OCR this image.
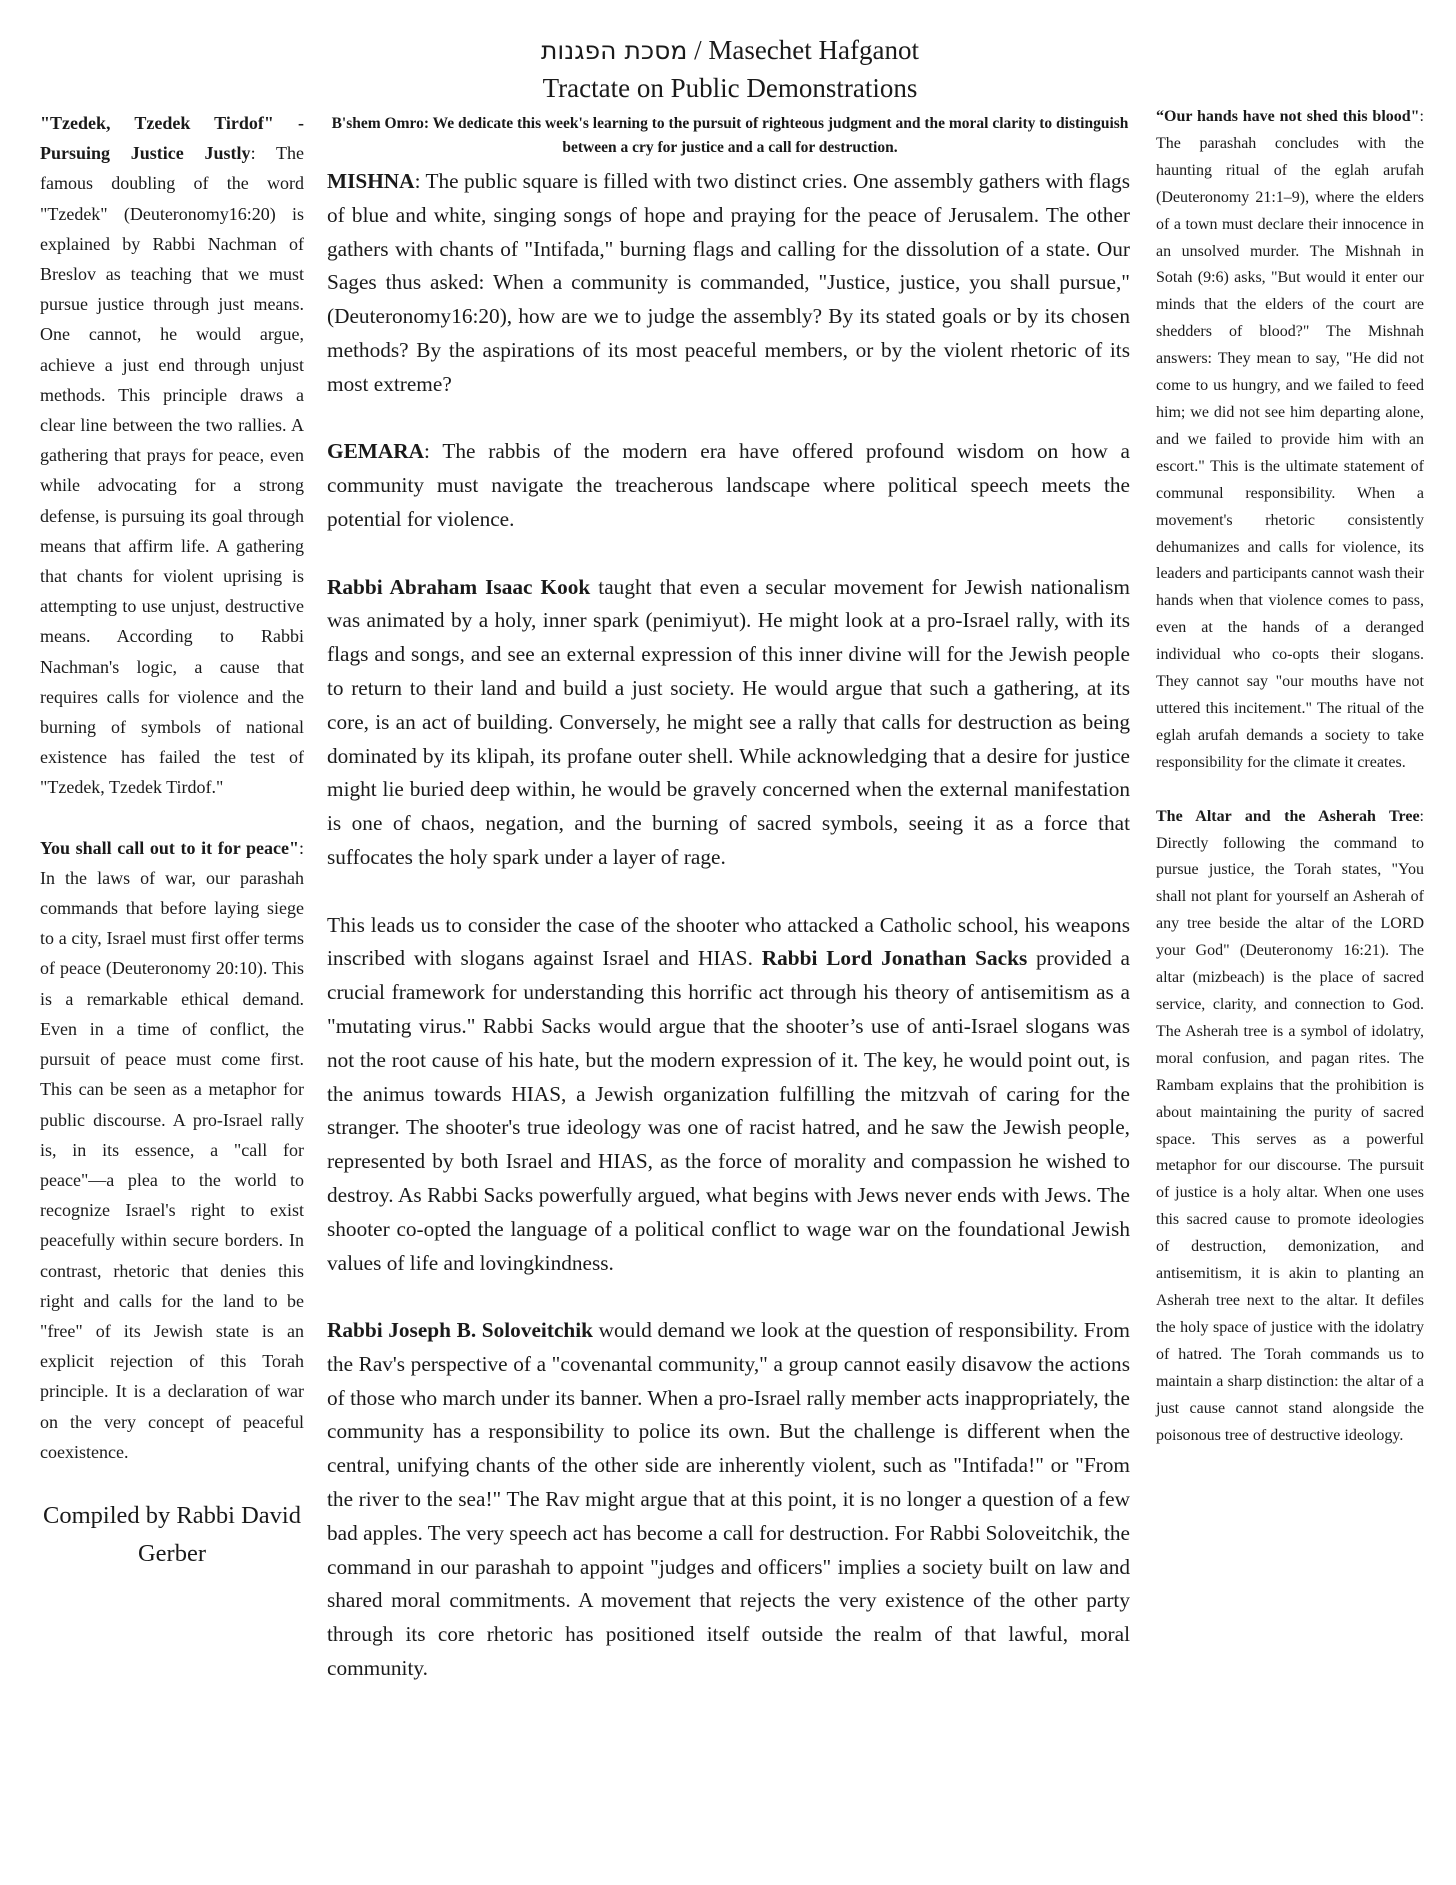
מסכת הפגנות / Masechet Hafganot
Tractate on Public Demonstrations
B'shem Omro: We dedicate this week's learning to the pursuit of righteous judgment and the moral clarity to distinguish between a cry for justice and a call for destruction.

"Tzedek, Tzedek Tirdof" - Pursuing Justice Justly: The famous doubling of the word "Tzedek" (Deuteronomy16:20) is explained by Rabbi Nachman of Breslov as teaching that we must pursue justice through just means. One cannot, he would argue, achieve a just end through unjust methods. This principle draws a clear line between the two rallies. A gathering that prays for peace, even while advocating for a strong defense, is pursuing its goal through means that affirm life. A gathering that chants for violent uprising is attempting to use unjust, destructive means. According to Rabbi Nachman's logic, a cause that requires calls for violence and the burning of symbols of national existence has failed the test of "Tzedek, Tzedek Tirdof."

You shall call out to it for peace": In the laws of war, our parashah commands that before laying siege to a city, Israel must first offer terms of peace (Deuteronomy 20:10). This is a remarkable ethical demand. Even in a time of conflict, the pursuit of peace must come first. This can be seen as a metaphor for public discourse. A pro-Israel rally is, in its essence, a "call for peace"—a plea to the world to recognize Israel's right to exist peacefully within secure borders. In contrast, rhetoric that denies this right and calls for the land to be "free" of its Jewish state is an explicit rejection of this Torah principle. It is a declaration of war on the very concept of peaceful coexistence.

Compiled by Rabbi David Gerber

MISHNA: The public square is filled with two distinct cries. One assembly gathers with flags of blue and white, singing songs of hope and praying for the peace of Jerusalem. The other gathers with chants of "Intifada," burning flags and calling for the dissolution of a state. Our Sages thus asked: When a community is commanded, "Justice, justice, you shall pursue," (Deuteronomy16:20), how are we to judge the assembly? By its stated goals or by its chosen methods? By the aspirations of its most peaceful members, or by the violent rhetoric of its most extreme?

GEMARA: The rabbis of the modern era have offered profound wisdom on how a community must navigate the treacherous landscape where political speech meets the potential for violence.

Rabbi Abraham Isaac Kook taught that even a secular movement for Jewish nationalism was animated by a holy, inner spark (penimiyut). He might look at a pro-Israel rally, with its flags and songs, and see an external expression of this inner divine will for the Jewish people to return to their land and build a just society. He would argue that such a gathering, at its core, is an act of building. Conversely, he might see a rally that calls for destruction as being dominated by its klipah, its profane outer shell. While acknowledging that a desire for justice might lie buried deep within, he would be gravely concerned when the external manifestation is one of chaos, negation, and the burning of sacred symbols, seeing it as a force that suffocates the holy spark under a layer of rage.

This leads us to consider the case of the shooter who attacked a Catholic school, his weapons inscribed with slogans against Israel and HIAS. Rabbi Lord Jonathan Sacks provided a crucial framework for understanding this horrific act through his theory of antisemitism as a "mutating virus." Rabbi Sacks would argue that the shooter’s use of anti-Israel slogans was not the root cause of his hate, but the modern expression of it. The key, he would point out, is the animus towards HIAS, a Jewish organization fulfilling the mitzvah of caring for the stranger. The shooter's true ideology was one of racist hatred, and he saw the Jewish people, represented by both Israel and HIAS, as the force of morality and compassion he wished to destroy. As Rabbi Sacks powerfully argued, what begins with Jews never ends with Jews. The shooter co-opted the language of a political conflict to wage war on the foundational Jewish values of life and lovingkindness.

Rabbi Joseph B. Soloveitchik would demand we look at the question of responsibility. From the Rav's perspective of a "covenantal community," a group cannot easily disavow the actions of those who march under its banner. When a pro-Israel rally member acts inappropriately, the community has a responsibility to police its own. But the challenge is different when the central, unifying chants of the other side are inherently violent, such as "Intifada!" or "From the river to the sea!" The Rav might argue that at this point, it is no longer a question of a few bad apples. The very speech act has become a call for destruction. For Rabbi Soloveitchik, the command in our parashah to appoint "judges and officers" implies a society built on law and shared moral commitments. A movement that rejects the very existence of the other party through its core rhetoric has positioned itself outside the realm of that lawful, moral community.

“Our hands have not shed this blood": The parashah concludes with the haunting ritual of the eglah arufah (Deuteronomy 21:1–9), where the elders of a town must declare their innocence in an unsolved murder. The Mishnah in Sotah (9:6) asks, "But would it enter our minds that the elders of the court are shedders of blood?" The Mishnah answers: They mean to say, "He did not come to us hungry, and we failed to feed him; we did not see him departing alone, and we failed to provide him with an escort." This is the ultimate statement of communal responsibility. When a movement's rhetoric consistently dehumanizes and calls for violence, its leaders and participants cannot wash their hands when that violence comes to pass, even at the hands of a deranged individual who co-opts their slogans. They cannot say "our mouths have not uttered this incitement." The ritual of the eglah arufah demands a society to take responsibility for the climate it creates.

The Altar and the Asherah Tree: Directly following the command to pursue justice, the Torah states, "You shall not plant for yourself an Asherah of any tree beside the altar of the LORD your God" (Deuteronomy 16:21). The altar (mizbeach) is the place of sacred service, clarity, and connection to God. The Asherah tree is a symbol of idolatry, moral confusion, and pagan rites. The Rambam explains that the prohibition is about maintaining the purity of sacred space. This serves as a powerful metaphor for our discourse. The pursuit of justice is a holy altar. When one uses this sacred cause to promote ideologies of destruction, demonization, and antisemitism, it is akin to planting an Asherah tree next to the altar. It defiles the holy space of justice with the idolatry of hatred. The Torah commands us to maintain a sharp distinction: the altar of a just cause cannot stand alongside the poisonous tree of destructive ideology.
